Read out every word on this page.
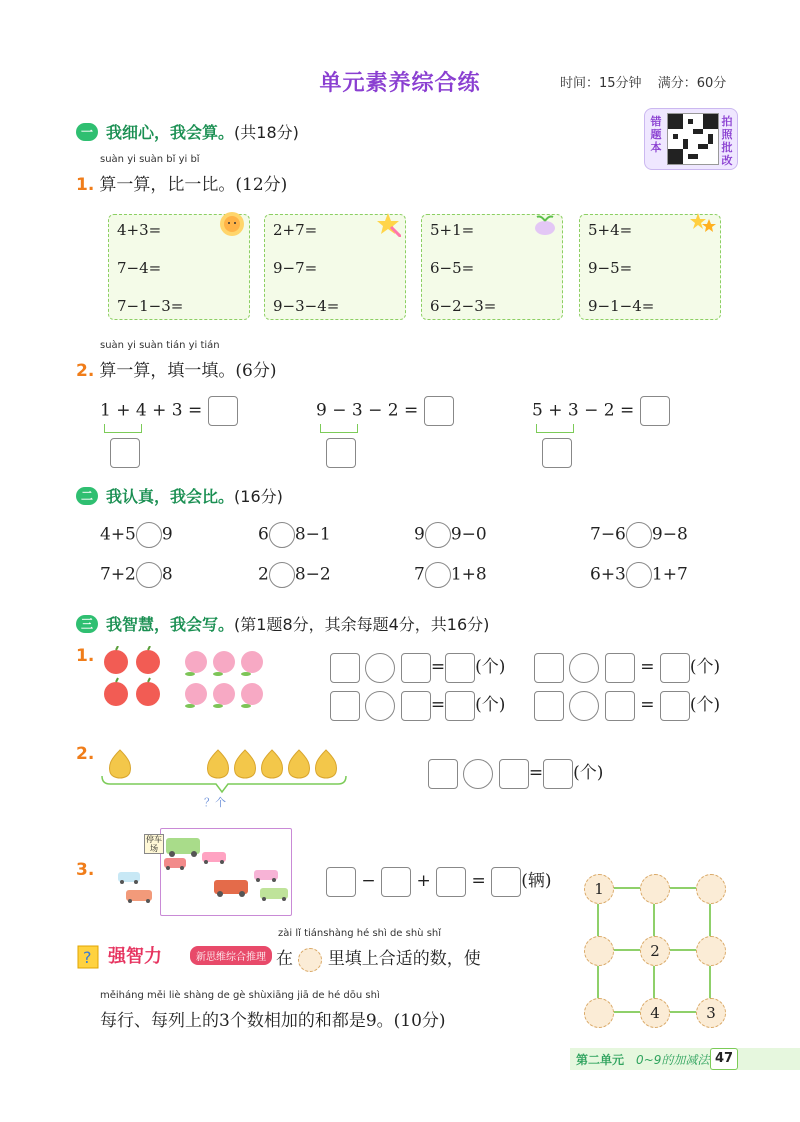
单元素养综合练	时间：15分钟 满分：60分
错题本
拍照批改
一 我细心，我会算。 (共18分)
suàn yi suàn bǐ yi bǐ
1. 算一算，比一比。(12分)
4+3=
7−4=
7−1−3=
2+7=
9−7=
9−3−4=
5+1=
6−5=
6−2−3=
5+4=
9−5=
9−1−4=
suàn yi suàn tián yi tián
2. 算一算，填一填。(6分)
1 + 4 + 3 =	9 − 3 − 2 =	5 + 3 − 2 =
二 我认真，我会比。 (16分)
4+5 9	6 8−1	9 9−0	7−6 9−8
7+2 8	2 8−2	7 1+8	6+3 1+7
三 我智慧，我会写。 (第1题8分，其余每题4分，共16分)
1.
= (个)	= (个)
= (个)	= (个)
2.
？个
= (个)
3.
停车场
−  +  = (辆)
? 强智力	新思维综合推理
zài lǐ tiánshàng hé shì de shù shǐ
在 里填上合适的数，使
měiháng měi liè shàng de gè shùxiāng jiā de hé dōu shì
每行、每列上的3个数相加的和都是9。(10分)
1
2
4	3
第二单元 0~9的加减法 47
